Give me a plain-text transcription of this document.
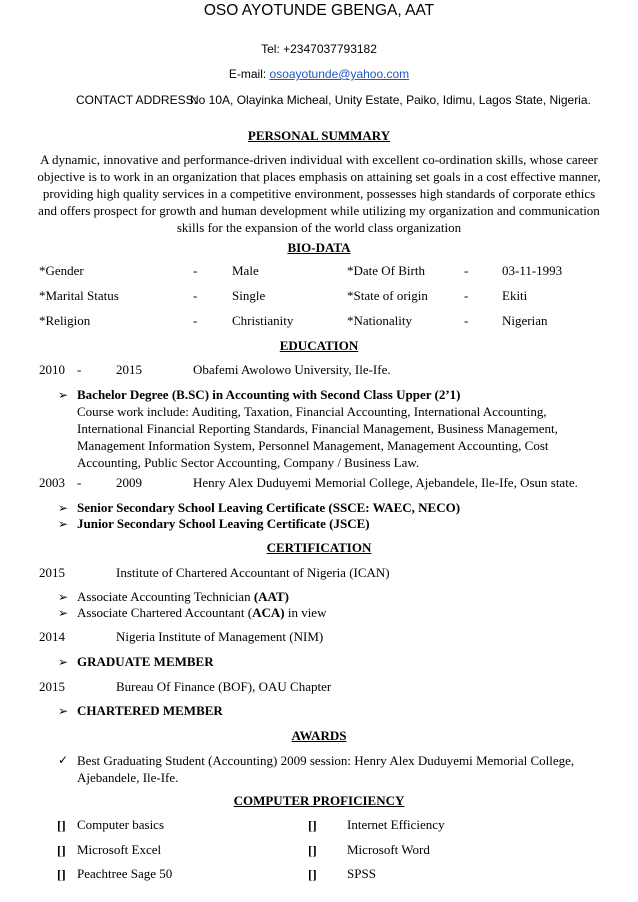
OSO AYOTUNDE GBENGA, AAT
Tel: +2347037793182
E-mail: osoayotunde@yahoo.com
CONTACT ADDRESS:
No 10A, Olayinka Micheal, Unity Estate, Paiko, Idimu, Lagos State, Nigeria.
PERSONAL SUMMARY
A dynamic, innovative and performance-driven individual with excellent co-ordination skills, whose career objective is to work in an organization that places emphasis on attaining set goals in a cost effective manner, providing high quality services in a competitive environment, possesses high standards of corporate ethics and offers prospect for growth and human development while utilizing my organization and communication skills for the expansion of the world class organization
BIO-DATA
*Gender	-	Male	*Date Of Birth	-	03-11-1993
*Marital Status	-	Single	*State of origin	-	Ekiti
*Religion	-	Christianity	*Nationality	-	Nigerian
EDUCATION
2010 -	2015	Obafemi Awolowo University, Ile-Ife.
➢ Bachelor Degree (B.SC) in Accounting with Second Class Upper (2’1)
Course work include: Auditing, Taxation, Financial Accounting, International Accounting, International Financial Reporting Standards, Financial Management, Business Management, Management Information System, Personnel Management, Management Accounting, Cost Accounting, Public Sector Accounting, Company / Business Law.
2003 -	2009	Henry Alex Duduyemi Memorial College, Ajebandele, Ile-Ife, Osun state.
➢ Senior Secondary School Leaving Certificate (SSCE: WAEC, NECO)
➢ Junior Secondary School Leaving Certificate (JSCE)
CERTIFICATION
2015	Institute of Chartered Accountant of Nigeria (ICAN)
➢ Associate Accounting Technician (AAT)
➢ Associate Chartered Accountant (ACA) in view
2014	Nigeria Institute of Management (NIM)
➢ GRADUATE MEMBER
2015	Bureau Of Finance (BOF), OAU Chapter
➢ CHARTERED MEMBER
AWARDS
✓ Best Graduating Student (Accounting) 2009 session: Henry Alex Duduyemi Memorial College, Ajebandele, Ile-Ife.
COMPUTER PROFICIENCY
[] Computer basics	[] Internet Efficiency
[] Microsoft Excel	[] Microsoft Word
[] Peachtree Sage 50	[] SPSS
